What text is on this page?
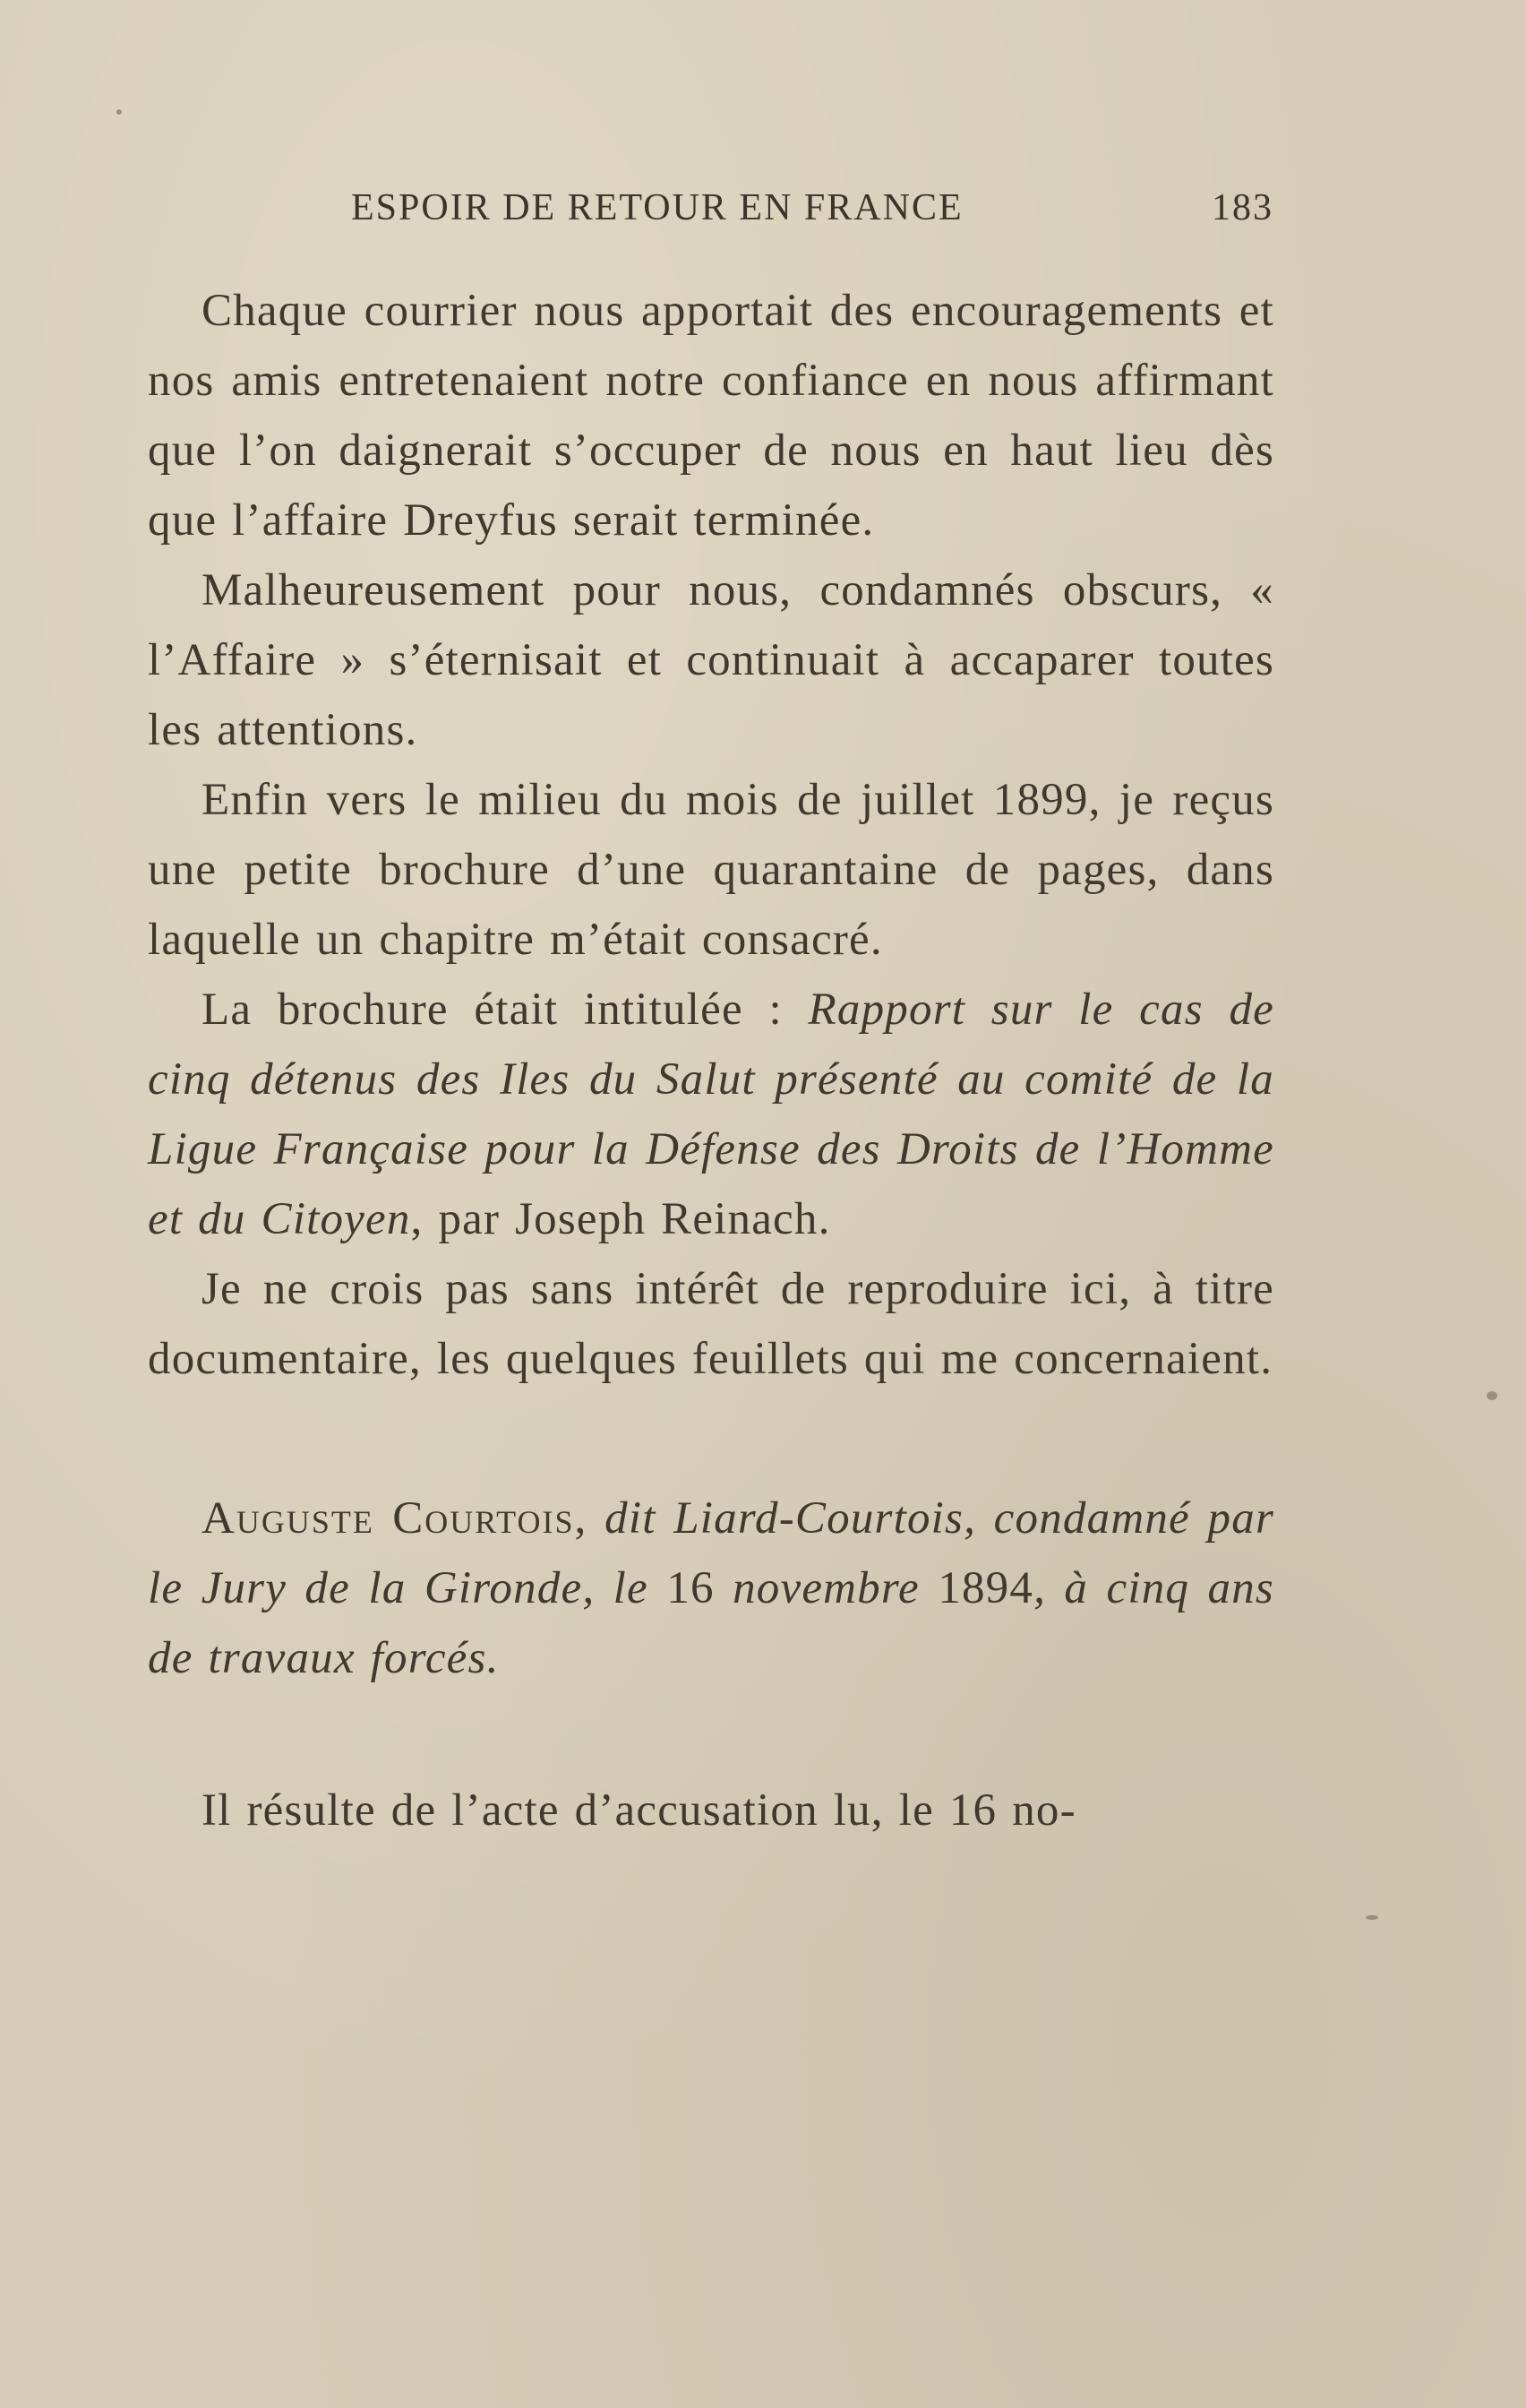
ESPOIR DE RETOUR EN FRANCE	183

Chaque courrier nous apportait des encouragements et nos amis entretenaient notre confiance en nous affirmant que l’on daignerait s’occuper de nous en haut lieu dès que l’affaire Dreyfus serait terminée.

Malheureusement pour nous, condamnés obscurs, « l’Affaire » s’éternisait et continuait à accaparer toutes les attentions.

Enfin vers le milieu du mois de juillet 1899, je reçus une petite brochure d’une quarantaine de pages, dans laquelle un chapitre m’était consacré.

La brochure était intitulée : Rapport sur le cas de cinq détenus des Iles du Salut présenté au comité de la Ligue Française pour la Défense des Droits de l’Homme et du Citoyen, par Joseph Reinach.

Je ne crois pas sans intérêt de reproduire ici, à titre documentaire, les quelques feuillets qui me concernaient.

Auguste Courtois, dit Liard-Courtois, condamné par le Jury de la Gironde, le 16 novembre 1894, à cinq ans de travaux forcés.

Il résulte de l’acte d’accusation lu, le 16 no-
